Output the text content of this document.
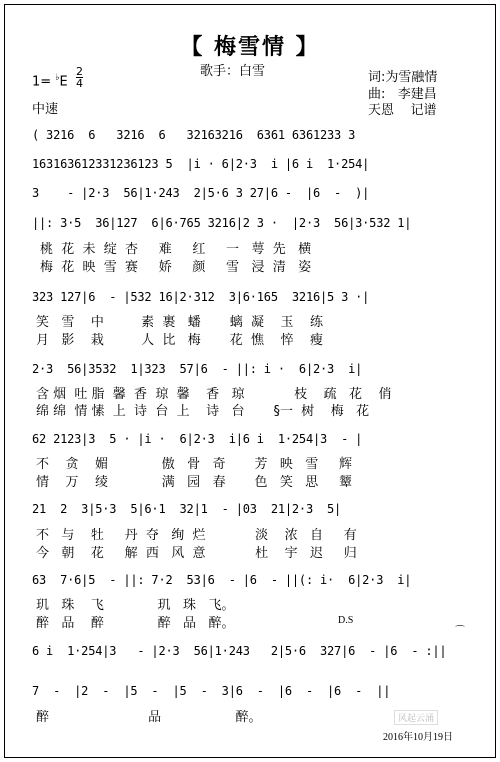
【 梅雪情 】
歌手：白雪
1= ♭E
2
4
中速
词:为雪融情
曲:   李建昌
天恩    记谱
( 3216  6   3216  6   32163216  6361 6361233 3
163163612331236123 5  |i · 6|2·3  i |6 i  1·254|
3    - |2·3  56|1·243  2|5·6 3 27|6 -  |6  -  )|
||: 3·5  36|127  6|6·765 3216|2 3 ·  |2·3  56|3·532 1|
323 127|6  - |532 16|2·312  3|6·165  3216|5 3 ·|
2·3  56|3532  1|323  57|6  - ||: i ·  6|2·3  i|
62 2123|3  5 · |i ·  6|2·3  i|6 i  1·254|3  - |
21  2  3|5·3  5|6·1  32|1  - |03  21|2·3  5|
63  7·6|5  - ||: 7·2  53|6  - |6  - ||(: i·  6|2·3  i|
6 i  1·254|3   - |2·3  56|1·243   2|5·6  327|6  - |6  - :||
7  -  |2  -  |5  -  |5  -  3|6  -  |6  -  |6  -  ||
桃  花  未  绽  杏     难     红     一   萼  先   横
梅  花  映  雪  赛     娇     颜     雪   浸  清   姿
笑   雪    中         素  裹   蟠       螭  凝    玉    练
月   影    栽         人  比   梅       花  憔    悴    瘦
含 烟  吐 脂  馨  香  琼  馨    香   琼            枝    疏   花    俏
绵 绵  情 愫  上  诗  台  上    诗   台       §一  树    梅   花
不    贪    媚             傲   骨   奇       芳   映   雪     辉
情    万    绫             满   园   春       色   笑   思     颦
不   与    牡     丹  夺   绚  烂            淡    浓   自     有
今   朝    花     解  西   风  意            杜    宇   迟     归
玑   珠    飞             玑   珠   飞。
醉   品    醉             醉   品   醉。
醉                        品                  醉。
D.S
⌒
风起云涌
2016年10月19日
